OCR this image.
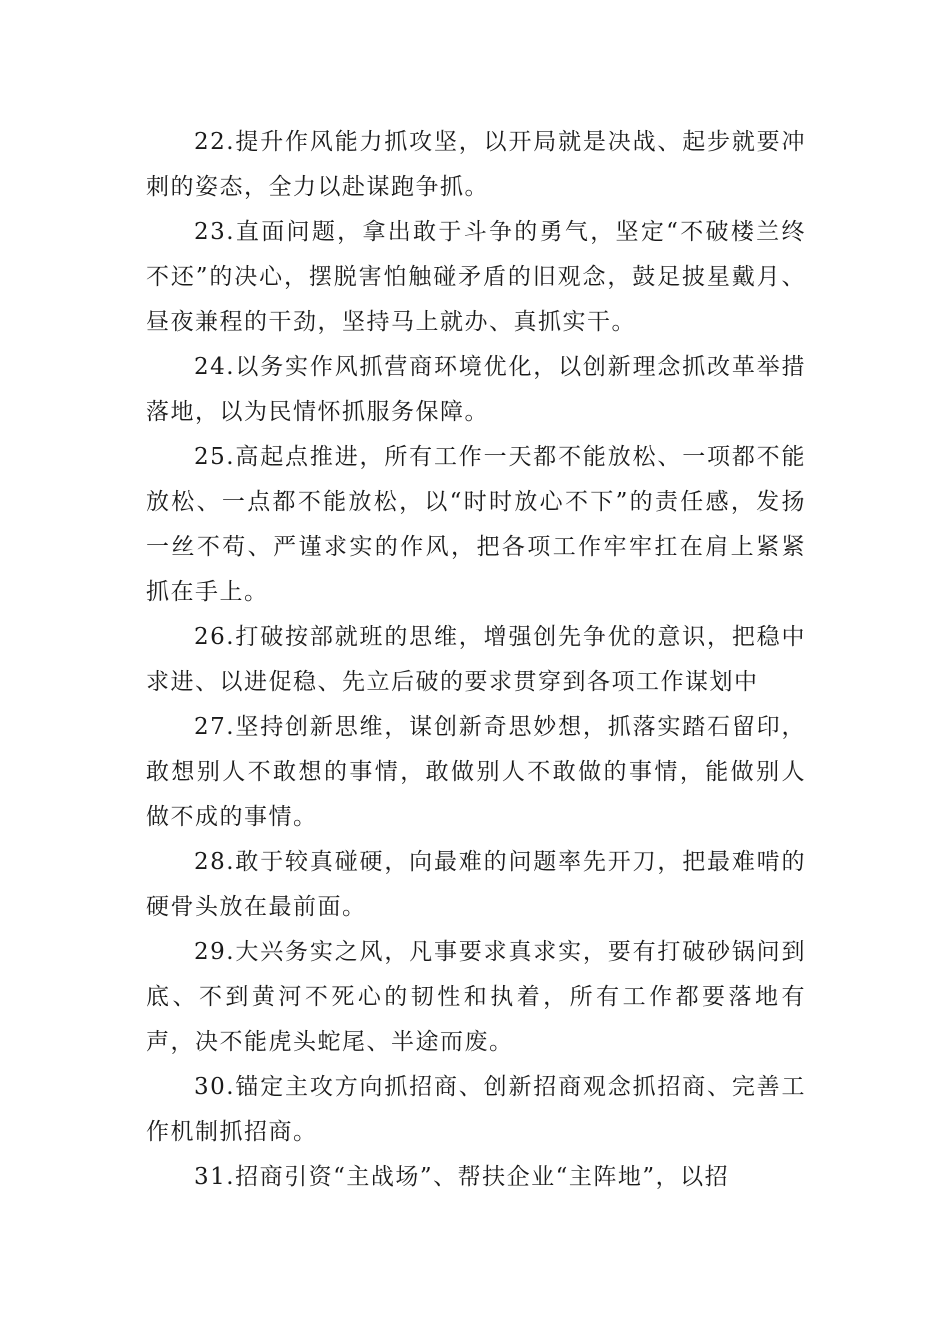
22.提升作风能力抓攻坚，以开局就是决战、起步就要冲刺的姿态，全力以赴谋跑争抓。

23.直面问题，拿出敢于斗争的勇气，坚定“不破楼兰终不还”的决心，摆脱害怕触碰矛盾的旧观念，鼓足披星戴月、昼夜兼程的干劲，坚持马上就办、真抓实干。

24.以务实作风抓营商环境优化，以创新理念抓改革举措落地，以为民情怀抓服务保障。

25.高起点推进，所有工作一天都不能放松、一项都不能放松、一点都不能放松，以“时时放心不下”的责任感，发扬一丝不苟、严谨求实的作风，把各项工作牢牢扛在肩上紧紧抓在手上。

26.打破按部就班的思维，增强创先争优的意识，把稳中求进、以进促稳、先立后破的要求贯穿到各项工作谋划中

27.坚持创新思维，谋创新奇思妙想，抓落实踏石留印，敢想别人不敢想的事情，敢做别人不敢做的事情，能做别人做不成的事情。

28.敢于较真碰硬，向最难的问题率先开刀，把最难啃的硬骨头放在最前面。

29.大兴务实之风，凡事要求真求实，要有打破砂锅问到底、不到黄河不死心的韧性和执着，所有工作都要落地有声，决不能虎头蛇尾、半途而废。

30.锚定主攻方向抓招商、创新招商观念抓招商、完善工作机制抓招商。

31.招商引资“主战场”、帮扶企业“主阵地”，以招
